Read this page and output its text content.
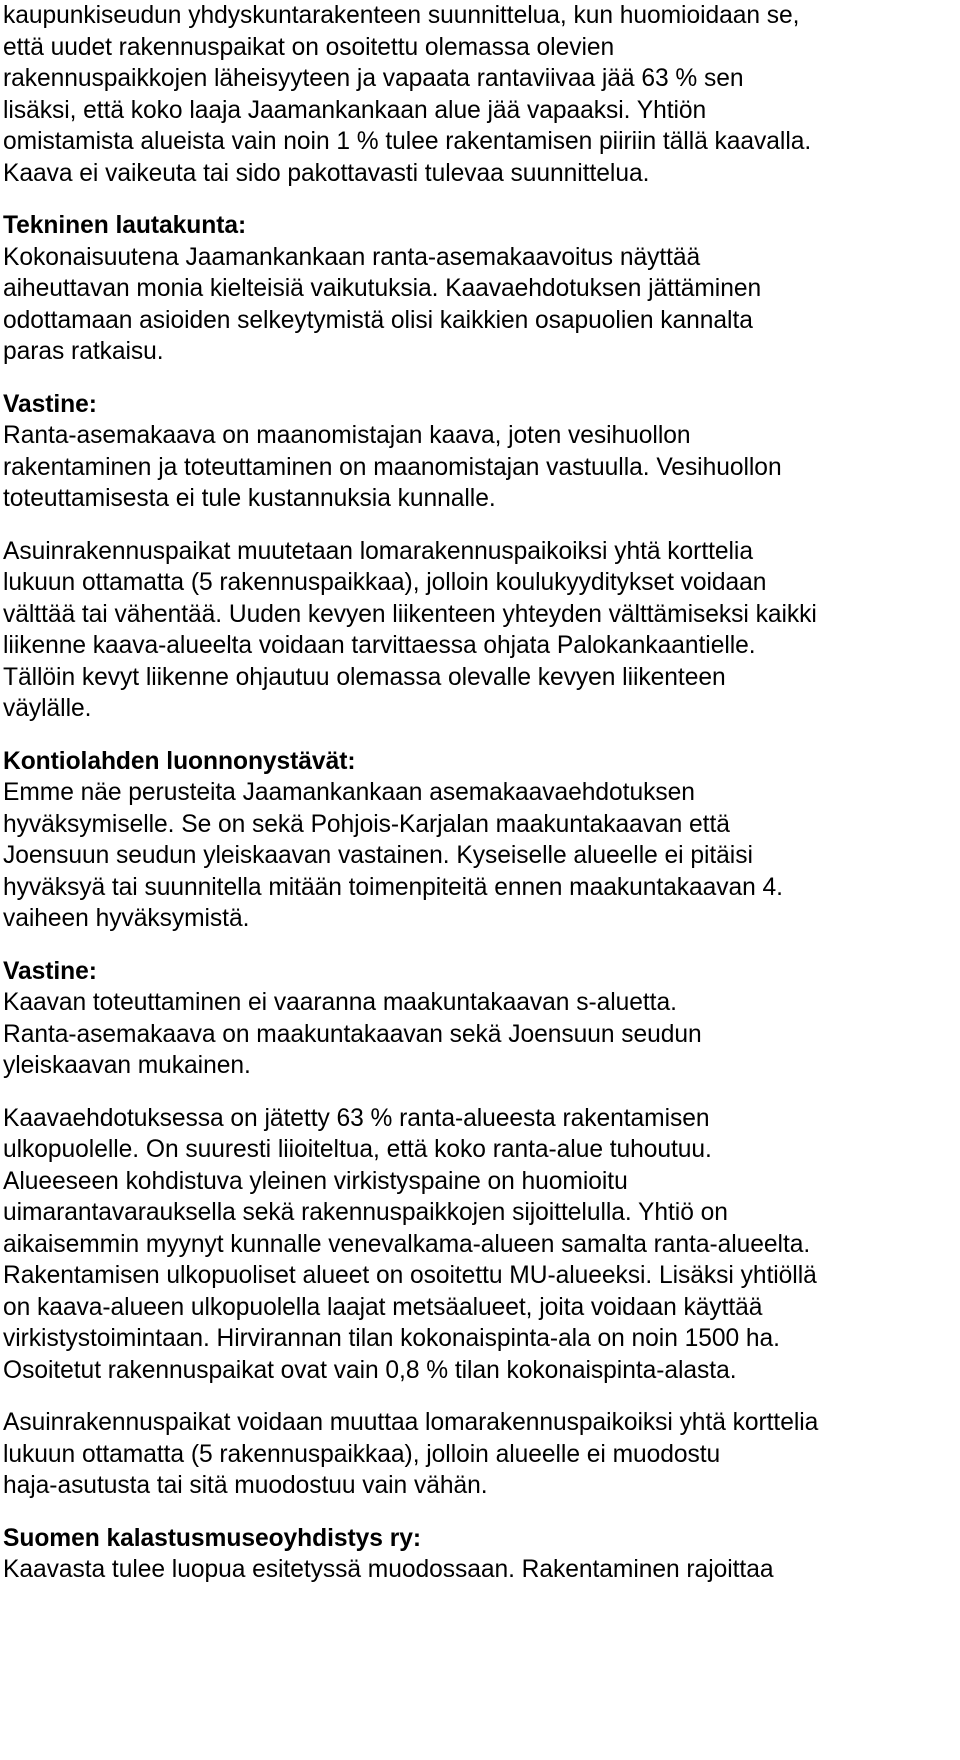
kaupunkiseudun yhdyskuntarakenteen suunnittelua, kun huomioidaan se,
että uudet rakennuspaikat on osoitettu olemassa olevien
rakennuspaikkojen läheisyyteen ja vapaata rantaviivaa jää 63 % sen
lisäksi, että koko laaja Jaamankankaan alue jää vapaaksi. Yhtiön
omistamista alueista vain noin 1 % tulee rakentamisen piiriin tällä kaavalla.
Kaava ei vaikeuta tai sido pakottavasti tulevaa suunnittelua.
Tekninen lautakunta:
Kokonaisuutena Jaamankankaan ranta-asemakaavoitus näyttää
aiheuttavan monia kielteisiä vaikutuksia. Kaavaehdotuksen jättäminen
odottamaan asioiden selkeytymistä olisi kaikkien osapuolien kannalta
paras ratkaisu.
Vastine:
Ranta-asemakaava on maanomistajan kaava, joten vesihuollon
rakentaminen ja toteuttaminen on maanomistajan vastuulla. Vesihuollon
toteuttamisesta ei tule kustannuksia kunnalle.
Asuinrakennuspaikat muutetaan lomarakennuspaikoiksi yhtä korttelia
lukuun ottamatta (5 rakennuspaikkaa), jolloin koulukyyditykset voidaan
välttää tai vähentää. Uuden kevyen liikenteen yhteyden välttämiseksi kaikki
liikenne kaava-alueelta voidaan tarvittaessa ohjata Palokankaantielle.
Tällöin kevyt liikenne ohjautuu olemassa olevalle kevyen liikenteen
väylälle.
Kontiolahden luonnonystävät:
Emme näe perusteita Jaamankankaan asemakaavaehdotuksen
hyväksymiselle. Se on sekä Pohjois-Karjalan maakuntakaavan että
Joensuun seudun yleiskaavan vastainen. Kyseiselle alueelle ei pitäisi
hyväksyä tai suunnitella mitään toimenpiteitä ennen maakuntakaavan 4.
vaiheen hyväksymistä.
Vastine:
Kaavan toteuttaminen ei vaaranna maakuntakaavan s-aluetta.
Ranta-asemakaava on maakuntakaavan sekä Joensuun seudun
yleiskaavan mukainen.
Kaavaehdotuksessa on jätetty 63 % ranta-alueesta rakentamisen
ulkopuolelle. On suuresti liioiteltua, että koko ranta-alue tuhoutuu.
Alueeseen kohdistuva yleinen virkistyspaine on huomioitu
uimarantavarauksella sekä rakennuspaikkojen sijoittelulla. Yhtiö on
aikaisemmin myynyt kunnalle venevalkama-alueen samalta ranta-alueelta.
Rakentamisen ulkopuoliset alueet on osoitettu MU-alueeksi. Lisäksi yhtiöllä
on kaava-alueen ulkopuolella laajat metsäalueet, joita voidaan käyttää
virkistystoimintaan. Hirvirannan tilan kokonaispinta-ala on noin 1500 ha.
Osoitetut rakennuspaikat ovat vain 0,8 % tilan kokonaispinta-alasta.
Asuinrakennuspaikat voidaan muuttaa lomarakennuspaikoiksi yhtä korttelia
lukuun ottamatta (5 rakennuspaikkaa), jolloin alueelle ei muodostu
haja-asutusta tai sitä muodostuu vain vähän.
Suomen kalastusmuseoyhdistys ry:
Kaavasta tulee luopua esitetyssä muodossaan. Rakentaminen rajoittaa
